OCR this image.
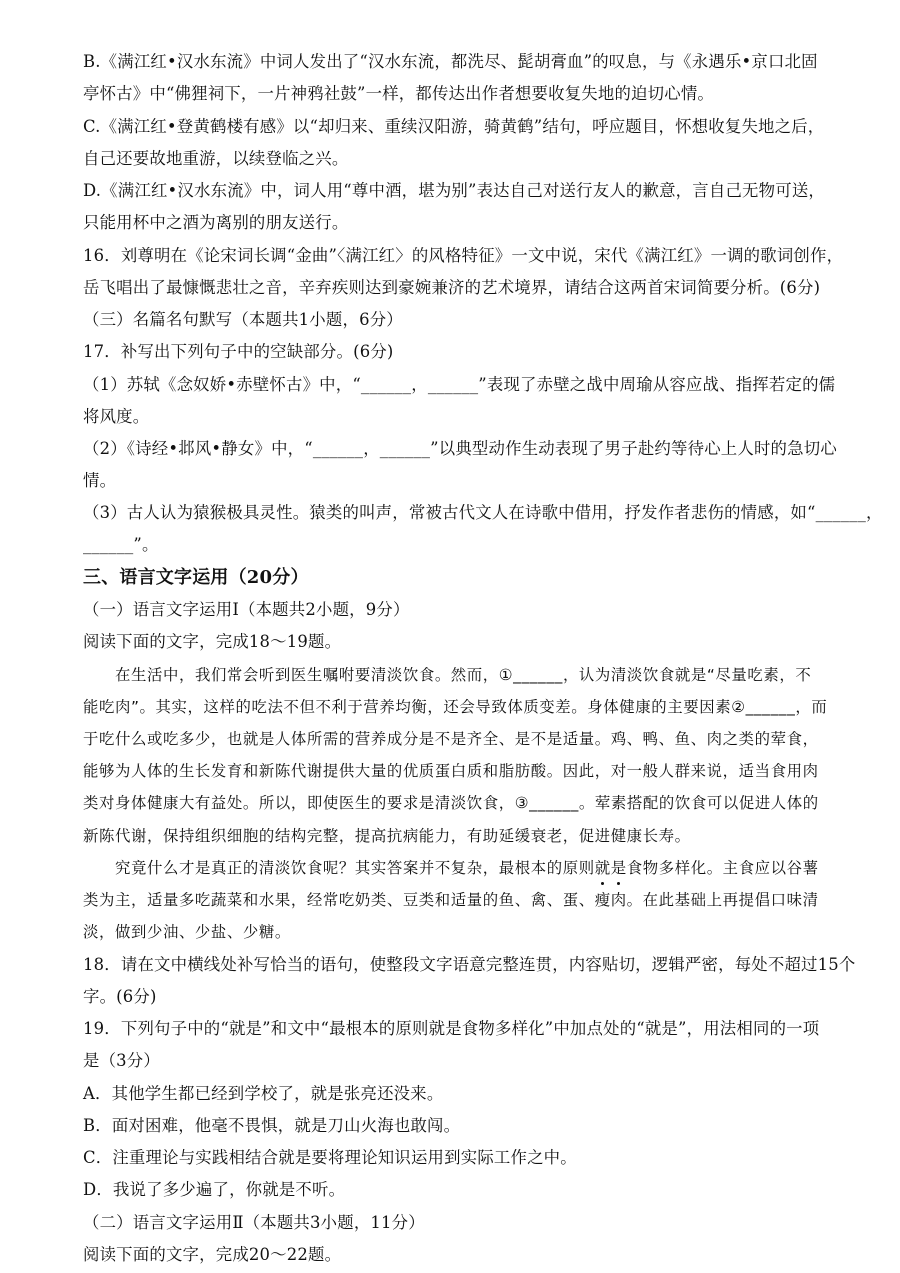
B.《满江红•汉水东流》中词人发出了“汉水东流，都洗尽、髭胡膏血”的叹息，与《永遇乐•京口北固
亭怀古》中“佛狸祠下，一片神鸦社鼓”一样，都传达出作者想要收复失地的迫切心情。
C.《满江红•登黄鹤楼有感》以“却归来、重续汉阳游，骑黄鹤”结句，呼应题目，怀想收复失地之后，
自己还要故地重游，以续登临之兴。
D.《满江红•汉水东流》中，词人用“尊中酒，堪为别”表达自己对送行友人的歉意，言自己无物可送，
只能用杯中之酒为离别的朋友送行。
16．刘尊明在《论宋词长调“金曲”〈满江红〉的风格特征》一文中说，宋代《满江红》一调的歌词创作，
岳飞唱出了最慷慨悲壮之音，辛弃疾则达到豪婉兼济的艺术境界，请结合这两首宋词简要分析。(6分)
（三）名篇名句默写（本题共1小题，6分）
17．补写出下列句子中的空缺部分。(6分)
（1）苏轼《念奴娇•赤壁怀古》中，“______，______”表现了赤壁之战中周瑜从容应战、指挥若定的儒
将风度。
（2）《诗经•邶风•静女》中，“______，______”以典型动作生动表现了男子赴约等待心上人时的急切心
情。
（3）古人认为猿猴极具灵性。猿类的叫声，常被古代文人在诗歌中借用，抒发作者悲伤的情感，如“______，
______”。
三、语言文字运用（20分）
（一）语言文字运用Ⅰ（本题共2小题，9分）
阅读下面的文字，完成18～19题。
在生活中，我们常会听到医生嘱咐要清淡饮食。然而，①______，认为清淡饮食就是“尽量吃素，不
能吃肉”。其实，这样的吃法不但不利于营养均衡，还会导致体质变差。身体健康的主要因素②______，而
于吃什么或吃多少，也就是人体所需的营养成分是不是齐全、是不是适量。鸡、鸭、鱼、肉之类的荤食，
能够为人体的生长发育和新陈代谢提供大量的优质蛋白质和脂肪酸。因此，对一般人群来说，适当食用肉
类对身体健康大有益处。所以，即使医生的要求是清淡饮食，③______。荤素搭配的饮食可以促进人体的
新陈代谢，保持组织细胞的结构完整，提高抗病能力，有助延缓衰老，促进健康长寿。
究竟什么才是真正的清淡饮食呢？其实答案并不复杂，最根本的原则就是食物多样化。主食应以谷薯
类为主，适量多吃蔬菜和水果，经常吃奶类、豆类和适量的鱼、禽、蛋、瘦肉。在此基础上再提倡口味清
淡，做到少油、少盐、少糖。
18．请在文中横线处补写恰当的语句，使整段文字语意完整连贯，内容贴切，逻辑严密，每处不超过15个
字。(6分)
19．下列句子中的“就是”和文中“最根本的原则就是食物多样化”中加点处的“就是”，用法相同的一项
是（3分）
A．其他学生都已经到学校了，就是张亮还没来。
B．面对困难，他毫不畏惧，就是刀山火海也敢闯。
C．注重理论与实践相结合就是要将理论知识运用到实际工作之中。
D．我说了多少遍了，你就是不听。
（二）语言文字运用Ⅱ（本题共3小题，11分）
阅读下面的文字，完成20～22题。
